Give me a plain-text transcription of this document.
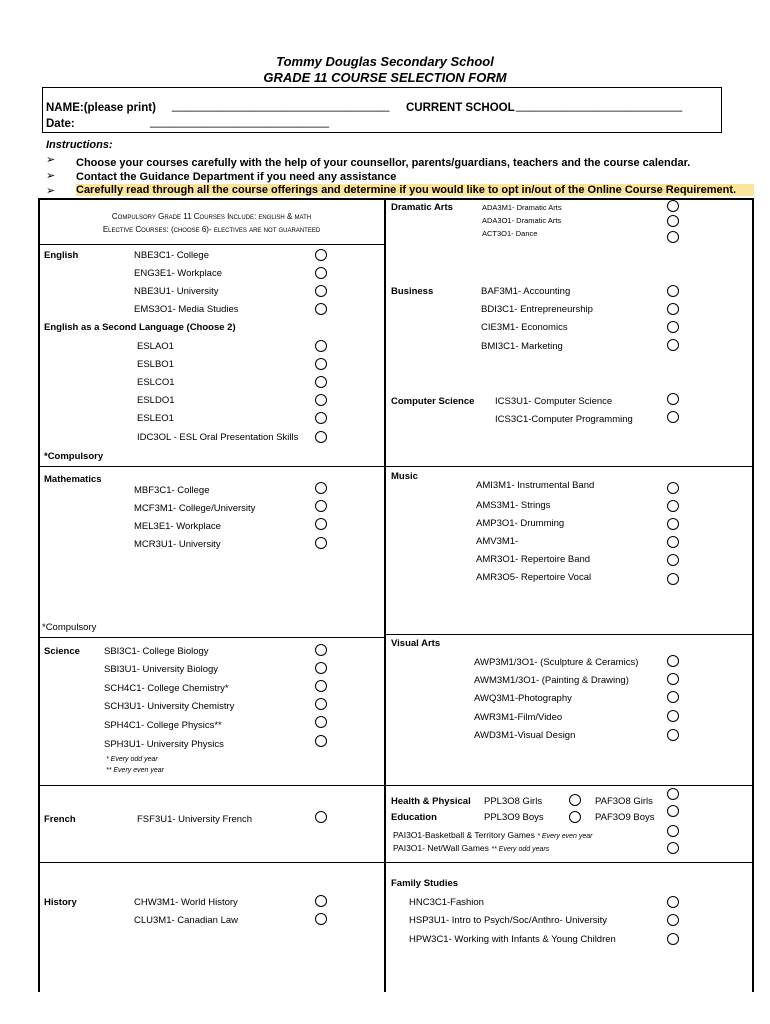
Tommy Douglas Secondary School
GRADE 11 COURSE SELECTION FORM
NAME:(please print) __________________________________ CURRENT SCHOOL __________________________
Date:	____________________________
Instructions:
➢ Choose your courses carefully with the help of your counsellor, parents/guardians, teachers and the course calendar.
➢ Contact the Guidance Department if you need any assistance
➢ Carefully read through all the course offerings and determine if you would like to opt in/out of the Online Course Requirement.
Compulsory Grade 11 Courses Include: english & math
Elective Courses: (choose 6)- electives are not guaranteed
English	NBE3C1- College
ENG3E1- Workplace
NBE3U1- University
EMS3O1- Media Studies
English as a Second Language (Choose 2)
ESLAO1
ESLBO1
ESLCO1
ESLDO1
ESLEO1
IDC3OL - ESL Oral Presentation Skills
*Compulsory
Mathematics
MBF3C1- College
MCF3M1- College/University
MEL3E1- Workplace
MCR3U1- University
*Compulsory
Science	SBI3C1- College Biology
SBI3U1- University Biology
SCH4C1- College Chemistry*
SCH3U1- University Chemistry
SPH4C1- College Physics**
SPH3U1- University Physics
* Every odd year
** Every even year
French	FSF3U1- University French
History	CHW3M1- World History
CLU3M1- Canadian Law
Dramatic Arts	ADA3M1- Dramatic Arts
ADA3O1- Dramatic Arts
ACT3O1- Dance
Business	BAF3M1- Accounting
BDI3C1- Entrepreneurship
CIE3M1- Economics
BMI3C1- Marketing
Computer Science ICS3U1- Computer Science
ICS3C1-Computer Programming
Music
AMI3M1- Instrumental Band
AMS3M1- Strings
AMP3O1- Drumming
AMV3M1-
AMR3O1- Repertoire Band
AMR3O5- Repertoire Vocal
Visual Arts
AWP3M1/3O1- (Sculpture & Ceramics)
AWM3M1/3O1- (Painting & Drawing)
AWQ3M1-Photography
AWR3M1-Film/Video
AWD3M1-Visual Design
Health & Physical
Education
PPL3O8 Girls	PAF3O8 Girls
PPL3O9 Boys	PAF3O9 Boys
PAI3O1-Basketball & Territory Games * Every even year
PAI3O1- Net/Wall Games ** Every odd years
Family Studies
HNC3C1-Fashion
HSP3U1- Intro to Psych/Soc/Anthro- University
HPW3C1- Working with Infants & Young Children
